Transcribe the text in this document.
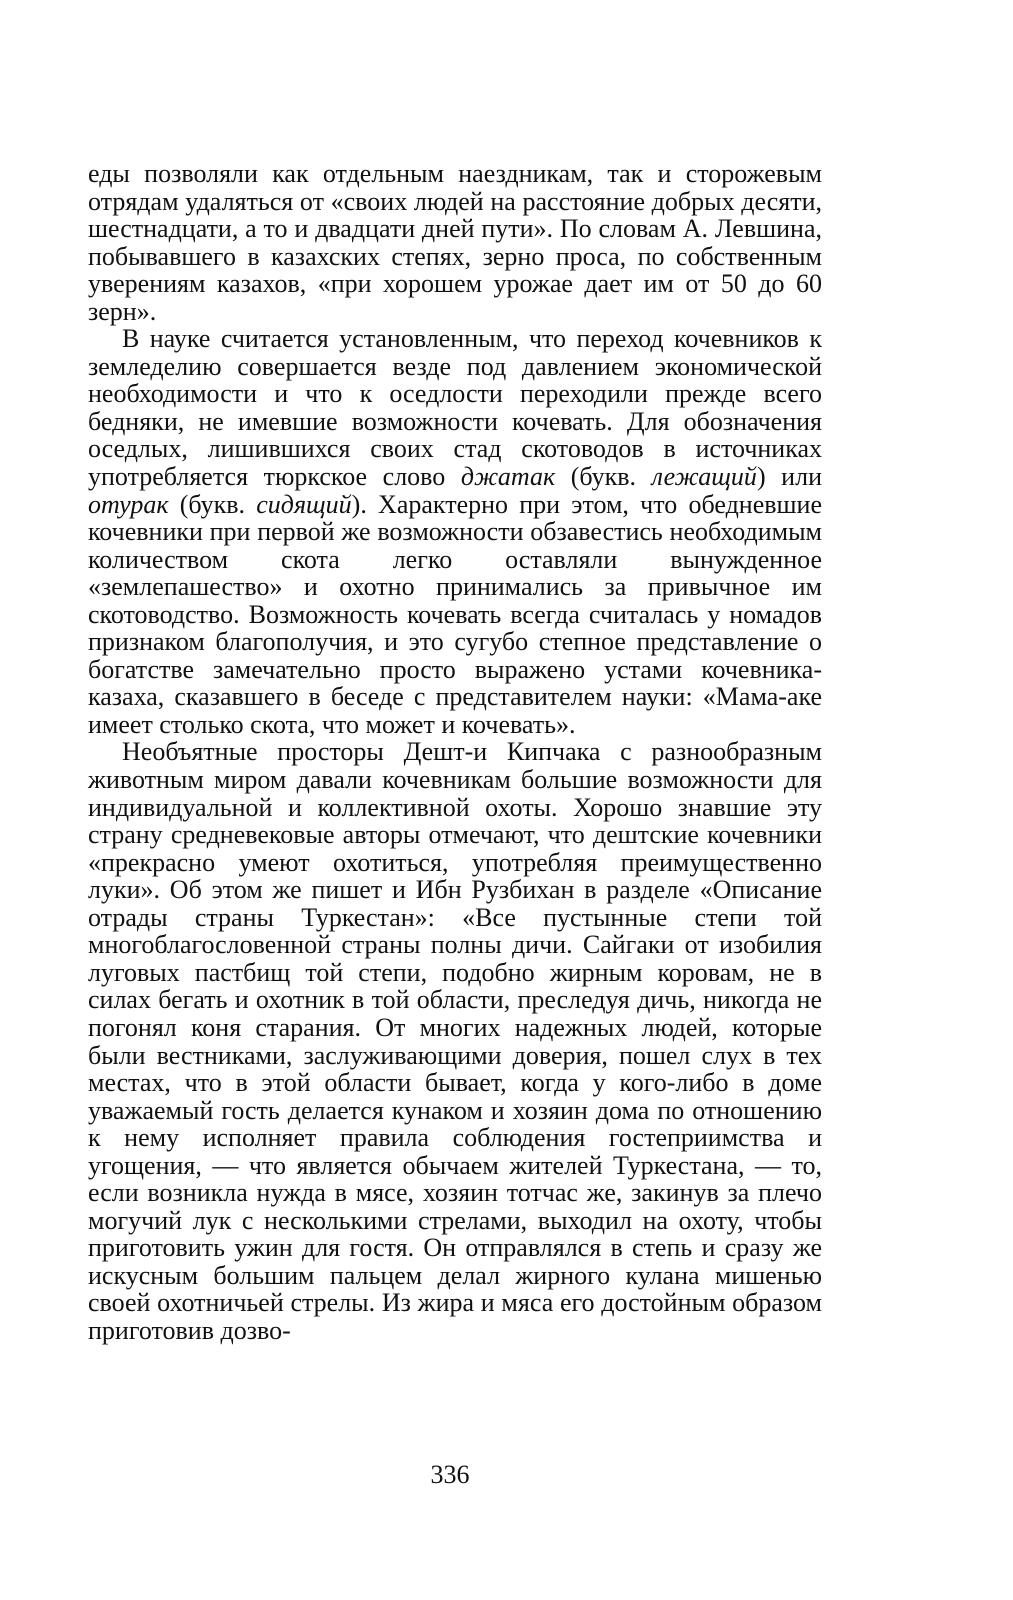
еды позволяли как отдельным наездникам, так и сторожевым отрядам удаляться от «своих людей на расстояние добрых десяти, шестнадцати, а то и двадцати дней пути». По словам А. Левшина, побывавшего в казахских степях, зерно проса, по собственным уверениям казахов, «при хорошем урожае дает им от 50 до 60 зерн».

В науке считается установленным, что переход кочевников к земледелию совершается везде под давлением экономической необходимости и что к оседлости переходили прежде всего бедняки, не имевшие возможности кочевать. Для обозначения оседлых, лишившихся своих стад скотоводов в источниках употребляется тюркское слово джатак (букв. лежащий) или отурак (букв. сидящий). Характерно при этом, что обедневшие кочевники при первой же возможности обзавестись необходимым количеством скота легко оставляли вынужденное «землепашество» и охотно принимались за привычное им скотоводство. Возможность кочевать всегда считалась у номадов признаком благополучия, и это сугубо степное представление о богатстве замечательно просто выражено устами кочевника-казаха, сказавшего в беседе с представителем науки: «Мама-аке имеет столько скота, что может и кочевать».

Необъятные просторы Дешт-и Кипчака с разнообразным животным миром давали кочевникам большие возможности для индивидуальной и коллективной охоты. Хорошо знавшие эту страну средневековые авторы отмечают, что дештские кочевники «прекрасно умеют охотиться, употребляя преимущественно луки». Об этом же пишет и Ибн Рузбихан в разделе «Описание отрады страны Туркестан»: «Все пустынные степи той многоблагословенной страны полны дичи. Сайгаки от изобилия луговых пастбищ той степи, подобно жирным коровам, не в силах бегать и охотник в той области, преследуя дичь, никогда не погонял коня старания. От многих надежных людей, которые были вестниками, заслуживающими доверия, пошел слух в тех местах, что в этой области бывает, когда у кого-либо в доме уважаемый гость делается кунаком и хозяин дома по отношению к нему исполняет правила соблюдения гостеприимства и угощения, — что является обычаем жителей Туркестана, — то, если возникла нужда в мясе, хозяин тотчас же, закинув за плечо могучий лук с несколькими стрелами, выходил на охоту, чтобы приготовить ужин для гостя. Он отправлялся в степь и сразу же искусным большим пальцем делал жирного кулана мишенью своей охотничьей стрелы. Из жира и мяса его достойным образом приготовив дозво-

336
